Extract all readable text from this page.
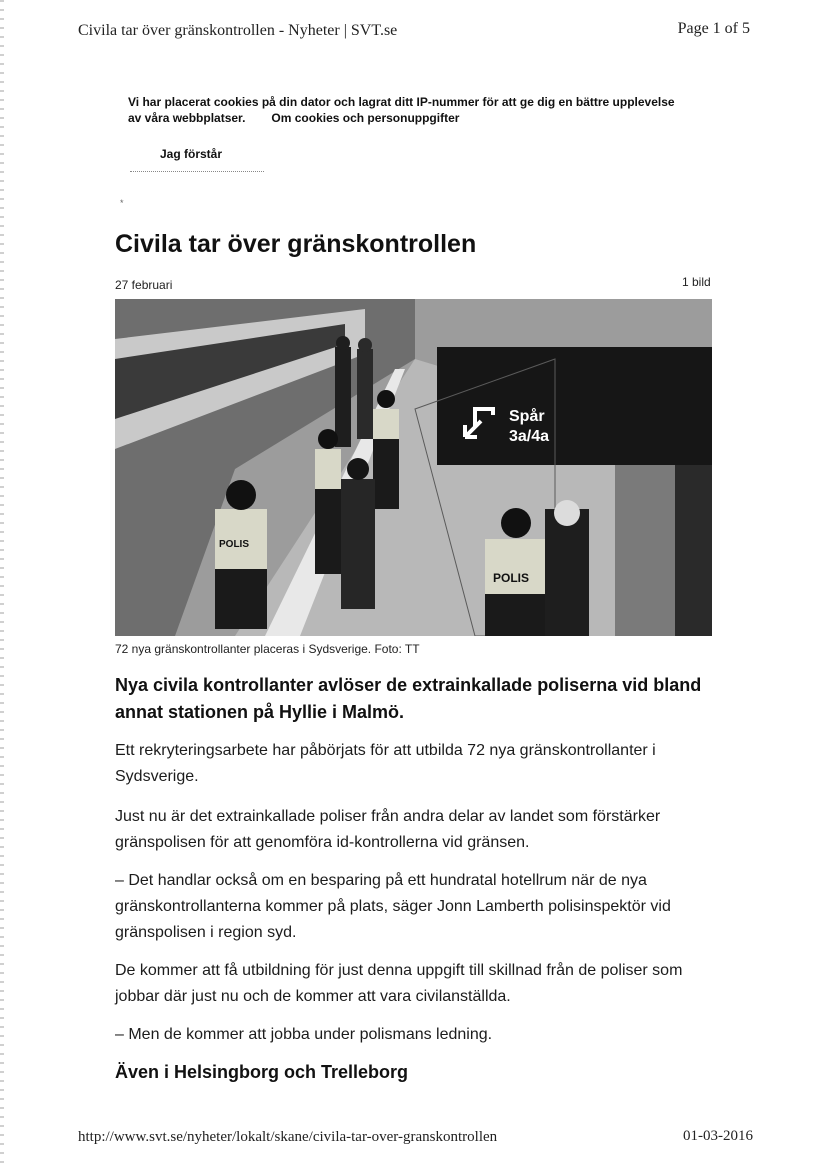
Civila tar över gränskontrollen - Nyheter | SVT.se	Page 1 of 5
Vi har placerat cookies på din dator och lagrat ditt IP-nummer för att ge dig en bättre upplevelse av våra webbplatser. Om cookies och personuppgifter
Jag förstår
*
Civila tar över gränskontrollen
27 februari	1 bild
Spår
3a/4a
POLIS
POLIS
72 nya gränskontrollanter placeras i Sydsverige. Foto: TT
Nya civila kontrollanter avlöser de extrainkallade poliserna vid bland annat stationen på Hyllie i Malmö.

Ett rekryteringsarbete har påbörjats för att utbilda 72 nya gränskontrollanter i Sydsverige.

Just nu är det extrainkallade poliser från andra delar av landet som förstärker gränspolisen för att genomföra id-kontrollerna vid gränsen.

– Det handlar också om en besparing på ett hundratal hotellrum när de nya gränskontrollanterna kommer på plats, säger Jonn Lamberth polisinspektör vid gränspolisen i region syd.

De kommer att få utbildning för just denna uppgift till skillnad från de poliser som jobbar där just nu och de kommer att vara civilanställda.

– Men de kommer att jobba under polismans ledning.

Även i Helsingborg och Trelleborg
http://www.svt.se/nyheter/lokalt/skane/civila-tar-over-granskontrollen	01-03-2016
